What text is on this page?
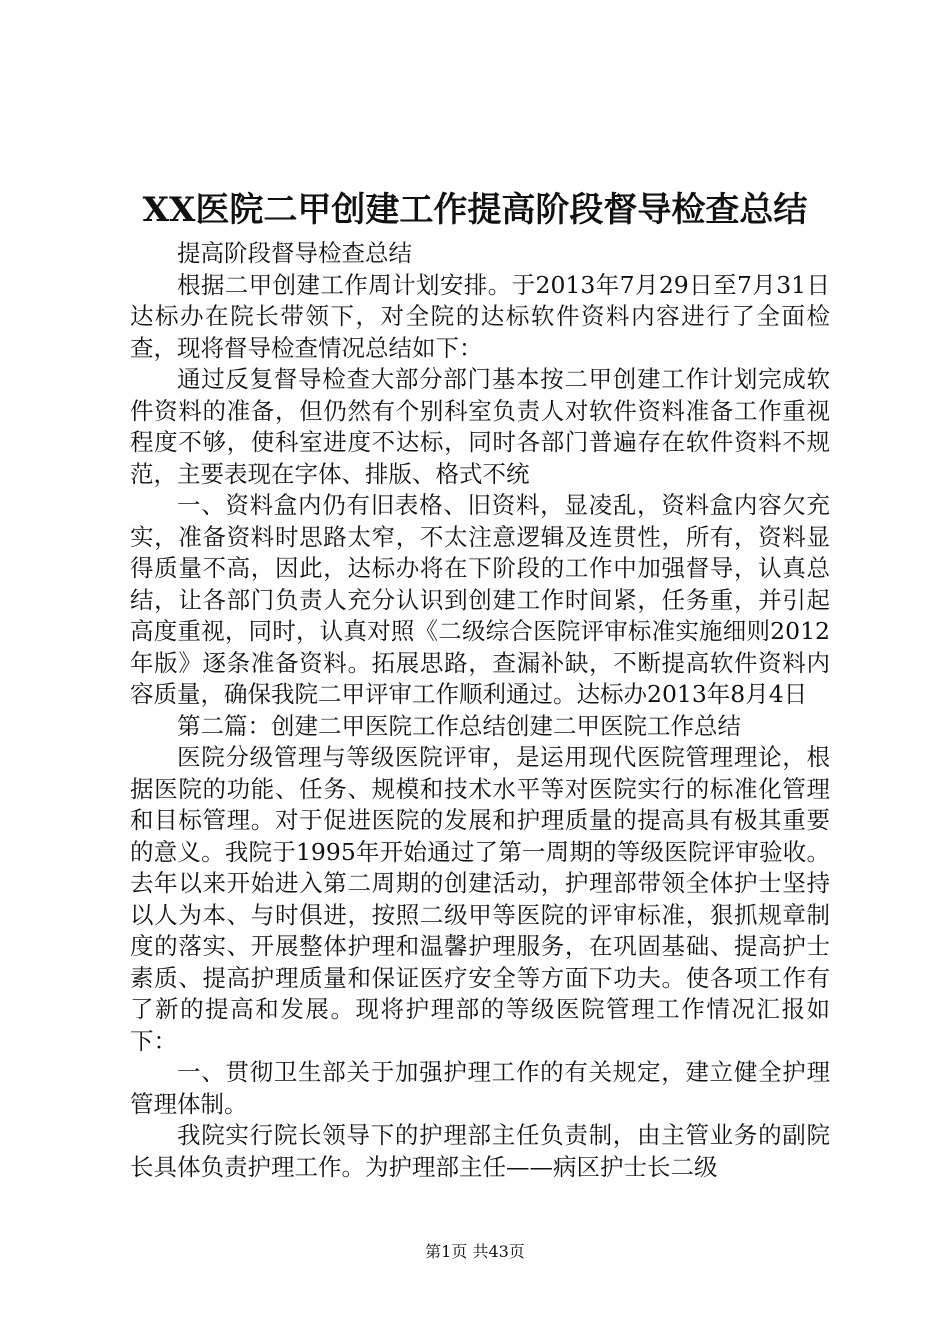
XX医院二甲创建工作提高阶段督导检查总结

提高阶段督导检查总结

根据二甲创建工作周计划安排。于2013年7月29日至7月31日达标办在院长带领下，对全院的达标软件资料内容进行了全面检查，现将督导检查情况总结如下：

通过反复督导检查大部分部门基本按二甲创建工作计划完成软件资料的准备，但仍然有个别科室负责人对软件资料准备工作重视程度不够，使科室进度不达标，同时各部门普遍存在软件资料不规范，主要表现在字体、排版、格式不统

一、资料盒内仍有旧表格、旧资料，显凌乱，资料盒内容欠充实，准备资料时思路太窄，不太注意逻辑及连贯性，所有，资料显得质量不高，因此，达标办将在下阶段的工作中加强督导，认真总结，让各部门负责人充分认识到创建工作时间紧，任务重，并引起高度重视，同时，认真对照《二级综合医院评审标准实施细则2012年版》逐条准备资料。拓展思路，查漏补缺，不断提高软件资料内容质量，确保我院二甲评审工作顺利通过。达标办2013年8月4日

第二篇：创建二甲医院工作总结创建二甲医院工作总结

医院分级管理与等级医院评审，是运用现代医院管理理论，根据医院的功能、任务、规模和技术水平等对医院实行的标准化管理和目标管理。对于促进医院的发展和护理质量的提高具有极其重要的意义。我院于1995年开始通过了第一周期的等级医院评审验收。去年以来开始进入第二周期的创建活动，护理部带领全体护士坚持以人为本、与时俱进，按照二级甲等医院的评审标准，狠抓规章制度的落实、开展整体护理和温馨护理服务，在巩固基础、提高护士素质、提高护理质量和保证医疗安全等方面下功夫。使各项工作有了新的提高和发展。现将护理部的等级医院管理工作情况汇报如下：

一、贯彻卫生部关于加强护理工作的有关规定，建立健全护理管理体制。

我院实行院长领导下的护理部主任负责制，由主管业务的副院长具体负责护理工作。为护理部主任——病区护士长二级

第1页 共43页
